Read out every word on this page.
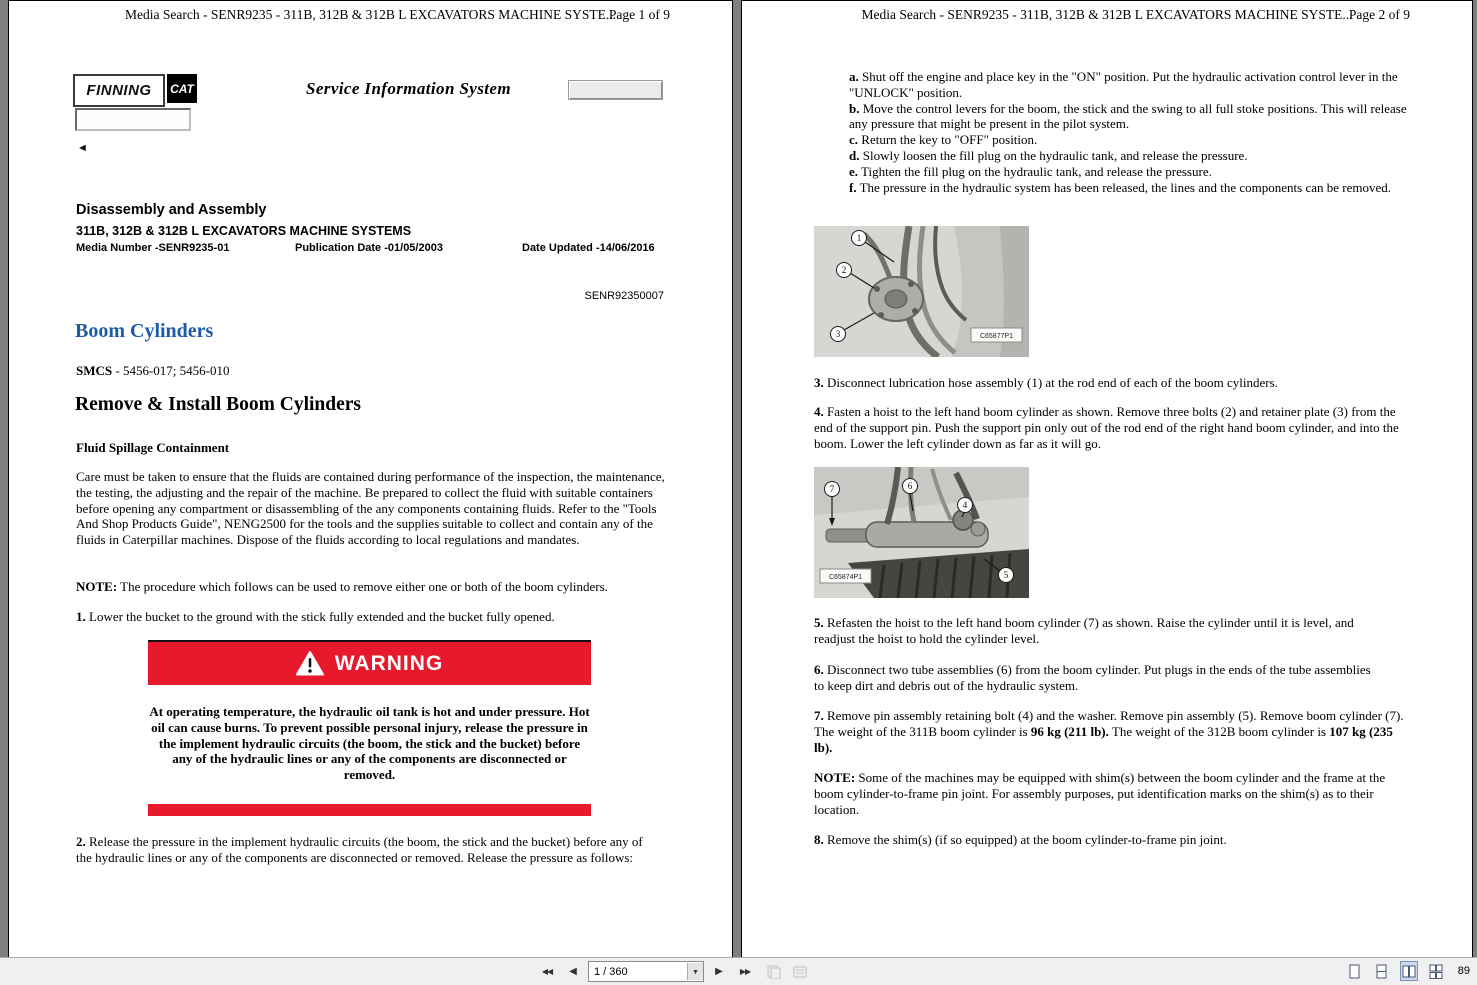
Media Search - SENR9235 - 311B, 312B & 312B L EXCAVATORS MACHINE SYSTE...
Page 1 of 9
FINNING	CAT	Service Information System
◄
Disassembly and Assembly
311B, 312B & 312B L EXCAVATORS MACHINE SYSTEMS
Media Number -SENR9235-01	Publication Date -01/05/2003	Date Updated -14/06/2016
SENR92350007
Boom Cylinders
SMCS - 5456-017; 5456-010
Remove & Install Boom Cylinders
Fluid Spillage Containment

Care must be taken to ensure that the fluids are contained during performance of the inspection, the maintenance, the testing, the adjusting and the repair of the machine. Be prepared to collect the fluid with suitable containers before opening any compartment or disassembling of the any components containing fluids. Refer to the "Tools And Shop Products Guide", NENG2500 for the tools and the supplies suitable to collect and contain any of the fluids in Caterpillar machines. Dispose of the fluids according to local regulations and mandates.

NOTE: The procedure which follows can be used to remove either one or both of the boom cylinders.

1. Lower the bucket to the ground with the stick fully extended and the bucket fully opened.

WARNING

At operating temperature, the hydraulic oil tank is hot and under pressure. Hot oil can cause burns. To prevent possible personal injury, release the pressure in the implement hydraulic circuits (the boom, the stick and the bucket) before any of the hydraulic lines or any of the components are disconnected or removed.

2. Release the pressure in the implement hydraulic circuits (the boom, the stick and the bucket) before any of the hydraulic lines or any of the components are disconnected or removed. Release the pressure as follows:

Media Search - SENR9235 - 311B, 312B & 312B L EXCAVATORS MACHINE SYSTE...
Page 2 of 9

a. Shut off the engine and place key in the "ON" position. Put the hydraulic activation control lever in the "UNLOCK" position.

b. Move the control levers for the boom, the stick and the swing to all full stoke positions. This will release any pressure that might be present in the pilot system.

c. Return the key to "OFF" position.

d. Slowly loosen the fill plug on the hydraulic tank, and release the pressure.

e. Tighten the fill plug on the hydraulic tank, and release the pressure.

f. The pressure in the hydraulic system has been released, the lines and the components can be removed.

1
2
3	C65877P1

3. Disconnect lubrication hose assembly (1) at the rod end of each of the boom cylinders.

4. Fasten a hoist to the left hand boom cylinder as shown. Remove three bolts (2) and retainer plate (3) from the end of the support pin. Push the support pin only out of the rod end of the right hand boom cylinder, and into the boom. Lower the left cylinder down as far as it will go.

7	6
4
5
C65874P1

5. Refasten the hoist to the left hand boom cylinder (7) as shown. Raise the cylinder until it is level, and readjust the hoist to hold the cylinder level.

6. Disconnect two tube assemblies (6) from the boom cylinder. Put plugs in the ends of the tube assemblies to keep dirt and debris out of the hydraulic system.

7. Remove pin assembly retaining bolt (4) and the washer. Remove pin assembly (5). Remove boom cylinder (7). The weight of the 311B boom cylinder is 96 kg (211 lb). The weight of the 312B boom cylinder is 107 kg (235 lb).

NOTE: Some of the machines may be equipped with shim(s) between the boom cylinder and the frame at the boom cylinder-to-frame pin joint. For assembly purposes, put identification marks on the shim(s) as to their location.

8. Remove the shim(s) (if so equipped) at the boom cylinder-to-frame pin joint.

◀◀ ◀	1 / 360	▼	▶ ▶▶	89
